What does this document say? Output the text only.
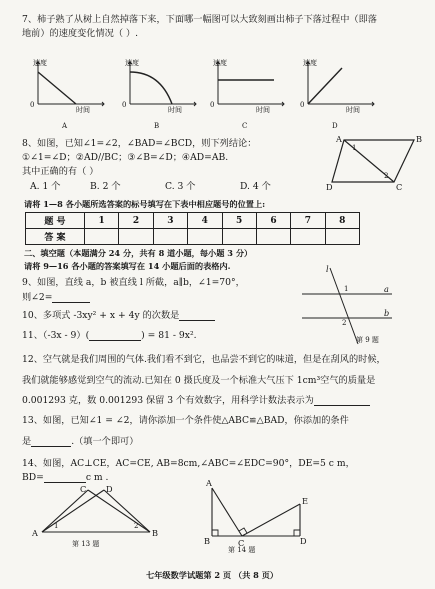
7、柿子熟了从树上自然掉落下来，下面哪一幅图可以大致刻画出柿子下落过程中（即落
地前）的速度变化情况（ ）.
速度
时间
0
A
速度
时间
0
B
速度
时间
0
C
速度
时间
0
D
8、如图，已知∠1=∠2，∠BAD=∠BCD，则下列结论：
①∠1=∠D；②AD//BC；③∠B=∠D；④AD=AB.
其中正确的有（ ）
A. 1 个	B. 2 个	C. 3 个	D. 4 个
A	B
C
D
1
2
请将 1—8 各小题所选答案的标号填写在下表中相应题号的位置上:
题 号	1	2	3	4	5	6	7	8
答 案								
二、填空题（本题满分 24 分，共有 8 道小题，每小题 3 分）
请将 9—16 各小题的答案填写在 14 小题后面的表格内.
9、如图，直线 a，b 被直线 l 所截，a∥b，∠1=70°，
则∠2=
l
a
b
1
2
第 9 题
10、多项式 -3xy² + x + 4y 的次数是
11、（-3x - 9）(	) = 81 - 9x².
12、空气就是我们周围的气体.我们看不到它，也品尝不到它的味道，但是在刮风的时候，
我们就能够感觉到空气的流动.已知在 0 摄氏度及一个标准大气压下 1cm³空气的质量是
0.001293 克，数 0.001293 保留 3 个有效数字，用科学计数法表示为
13、如图，已知∠1 = ∠2，请你添加一个条件使△ABC≌△BAD，你添加的条件
是	.（填一个即可）
14、如图，AC⊥CE，AC=CE, AB=8cm,∠ABC=∠EDC=90°，DE=5 c m，
BD=	c m .
A	B
C D
1	2
第 13 题
A
B	C	D
E
第 14 题
七年级数学试题第 2 页 （共 8 页）
